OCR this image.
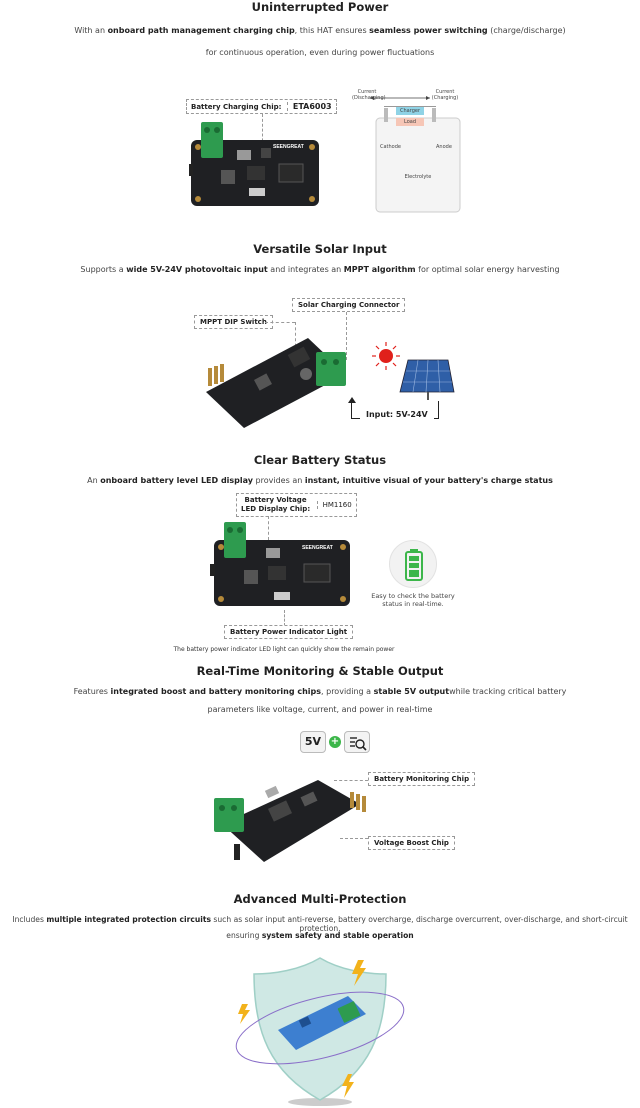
Uninterrupted Power
With an onboard path management charging chip, this HAT ensures seamless power switching (charge/discharge)
for continuous operation, even during power fluctuations
Battery Charging Chip: ETA6003
SEENGREAT
Current
(Discharging)
Current
(Charging)
Charger
Load
Cathode	Anode
Electrolyte
Versatile Solar Input
Supports a wide 5V-24V photovoltaic input and integrates an MPPT algorithm for optimal solar energy harvesting
Solar Charging Connector
MPPT DIP Switch
Input: 5V-24V
Clear Battery Status
An onboard battery level LED display provides an instant, intuitive visual of your battery's charge status
Battery Voltage
LED Display Chip: HM1160
SEENGREAT
Easy to check the battery
status in real-time.
Battery Power Indicator Light
The battery power indicator LED light can quickly show the remain power
Real-Time Monitoring & Stable Output
Features integrated boost and battery monitoring chips, providing a stable 5V outputwhile tracking critical battery
parameters like voltage, current, and power in real-time
5V +
Battery Monitoring Chip
Voltage Boost Chip
Advanced Multi-Protection
Includes multiple integrated protection circuits such as solar input anti-reverse, battery overcharge, discharge overcurrent, over-discharge, and short-circuit protection,
ensuring system safety and stable operation
